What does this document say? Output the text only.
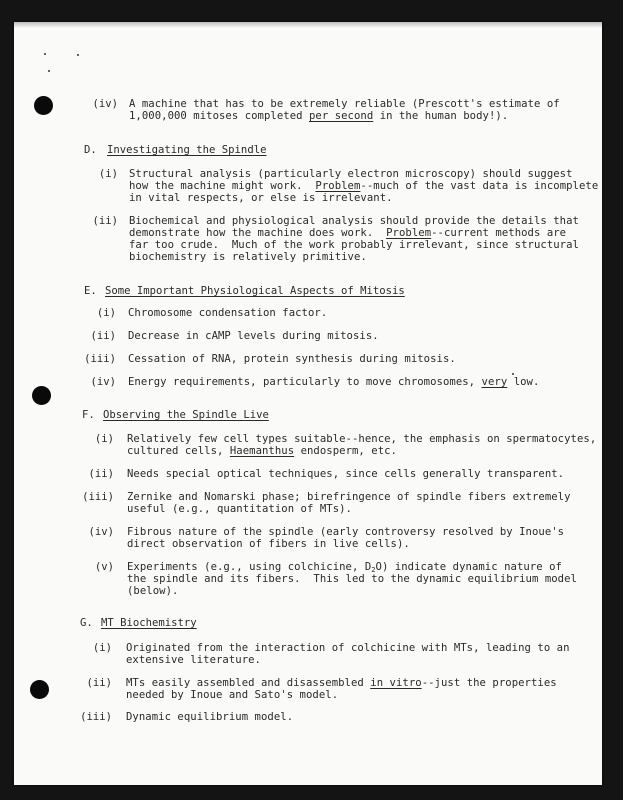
(iv) A machine that has to be extremely reliable (Prescott's estimate of
1,000,000 mitoses completed per second in the human body!).
D. Investigating the Spindle
(i) Structural analysis (particularly electron microscopy) should suggest
how the machine might work.  Problem--much of the vast data is incomplete
in vital respects, or else is irrelevant.
(ii) Biochemical and physiological analysis should provide the details that
demonstrate how the machine does work.  Problem--current methods are
far too crude.  Much of the work probably irrelevant, since structural
biochemistry is relatively primitive.
E. Some Important Physiological Aspects of Mitosis
(i) Chromosome condensation factor.
(ii) Decrease in cAMP levels during mitosis.
(iii) Cessation of RNA, protein synthesis during mitosis.
(iv) Energy requirements, particularly to move chromosomes, very low.
F. Observing the Spindle Live
(i) Relatively few cell types suitable--hence, the emphasis on spermatocytes,
cultured cells, Haemanthus endosperm, etc.
(ii) Needs special optical techniques, since cells generally transparent.
(iii) Zernike and Nomarski phase; birefringence of spindle fibers extremely
useful (e.g., quantitation of MTs).
(iv) Fibrous nature of the spindle (early controversy resolved by Inoue's
direct observation of fibers in live cells).
(v) Experiments (e.g., using colchicine, $D_2O$) indicate dynamic nature of
the spindle and its fibers.  This led to the dynamic equilibrium model
(below).
G. MT Biochemistry
(i) Originated from the interaction of colchicine with MTs, leading to an
extensive literature.
(ii) MTs easily assembled and disassembled in vitro--just the properties
needed by Inoue and Sato's model.
(iii) Dynamic equilibrium model.
